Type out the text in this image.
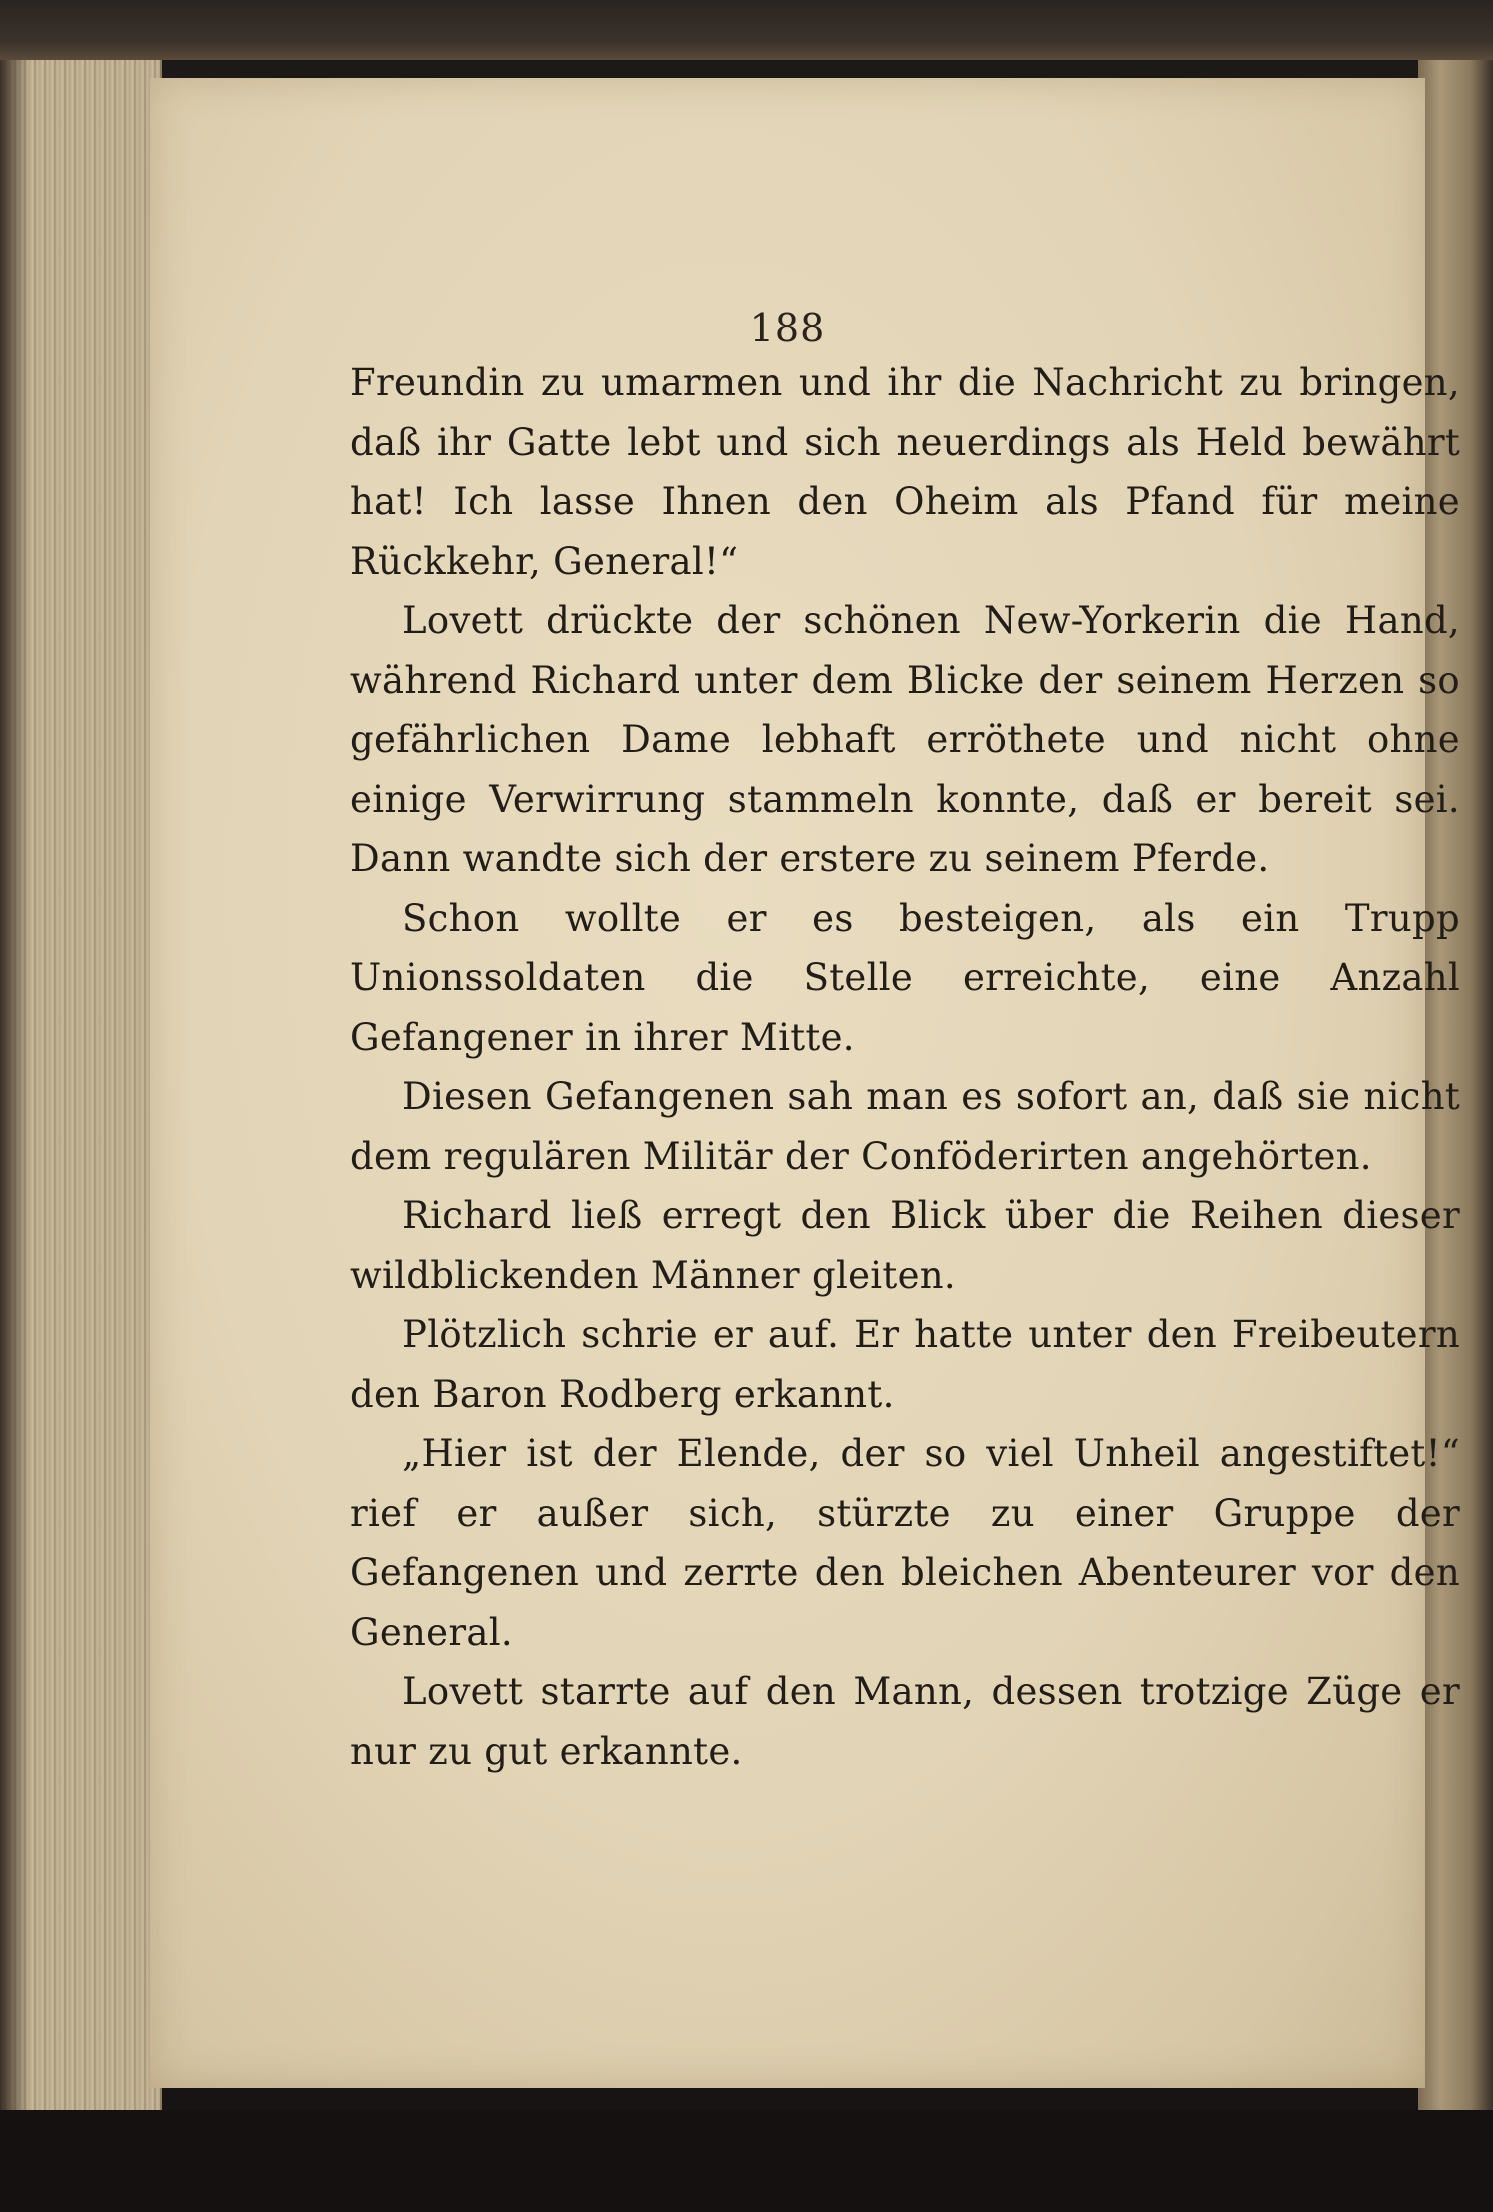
188

Freundin zu umarmen und ihr die Nachricht zu bringen, daß ihr Gatte lebt und sich neuerdings als Held bewährt hat! Ich lasse Ihnen den Oheim als Pfand für meine Rückkehr, General!“

Lovett drückte der schönen New-Yorkerin die Hand, während Richard unter dem Blicke der seinem Herzen so gefährlichen Dame lebhaft erröthete und nicht ohne einige Verwirrung stammeln konnte, daß er bereit sei. Dann wandte sich der erstere zu seinem Pferde.

Schon wollte er es besteigen, als ein Trupp Unionssoldaten die Stelle erreichte, eine Anzahl Gefangener in ihrer Mitte.

Diesen Gefangenen sah man es sofort an, daß sie nicht dem regulären Militär der Conföderirten angehörten.

Richard ließ erregt den Blick über die Reihen dieser wildblickenden Männer gleiten.

Plötzlich schrie er auf. Er hatte unter den Freibeutern den Baron Rodberg erkannt.

„Hier ist der Elende, der so viel Unheil angestiftet!“ rief er außer sich, stürzte zu einer Gruppe der Gefangenen und zerrte den bleichen Abenteurer vor den General.

Lovett starrte auf den Mann, dessen trotzige Züge er nur zu gut erkannte.
